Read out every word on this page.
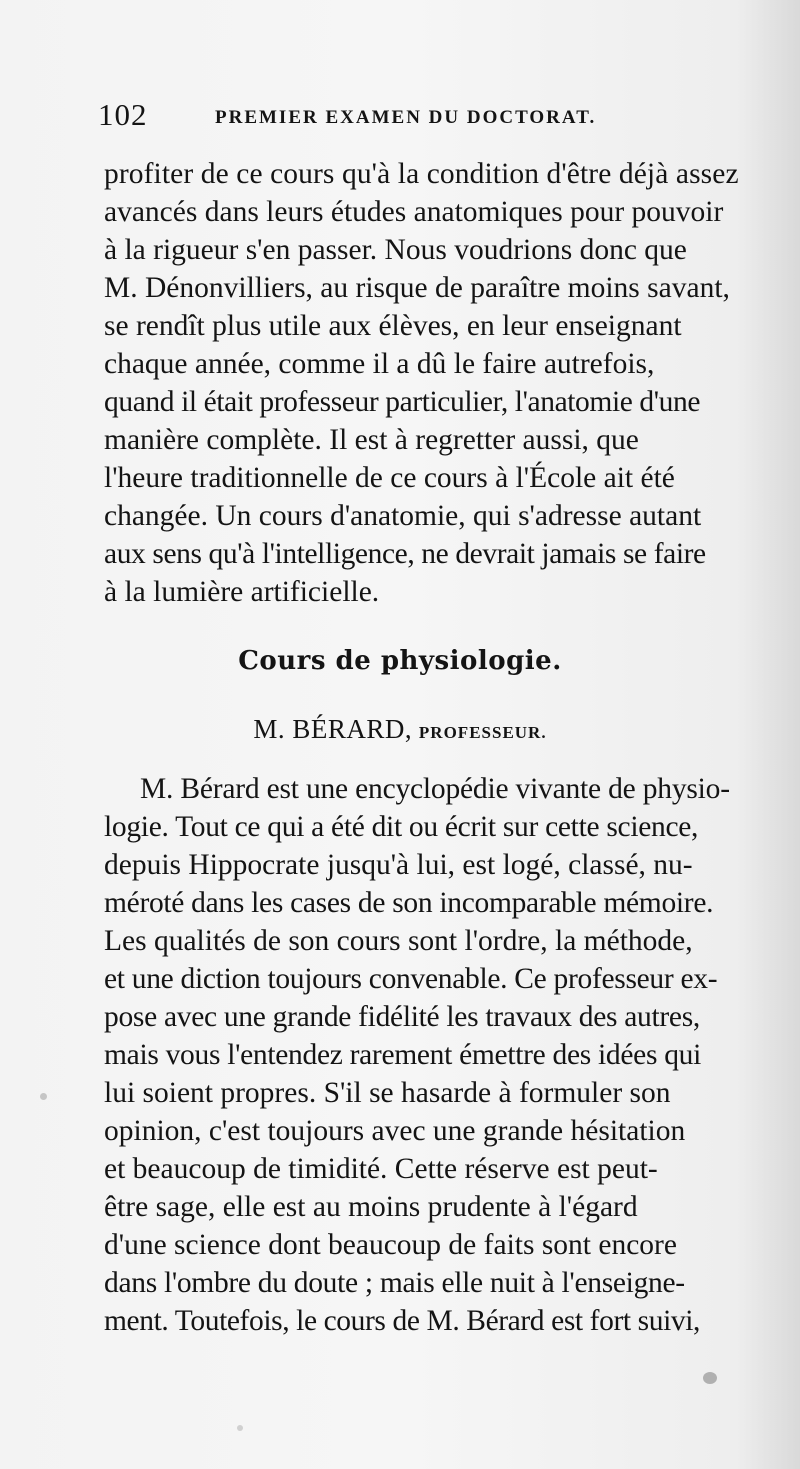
102	PREMIER EXAMEN DU DOCTORAT.
profiter de ce cours qu'à la condition d'être déjà assez
avancés dans leurs études anatomiques pour pouvoir
à la rigueur s'en passer. Nous voudrions donc que
M. Dénonvilliers, au risque de paraître moins savant,
se rendît plus utile aux élèves, en leur enseignant
chaque année, comme il a dû le faire autrefois,
quand il était professeur particulier, l'anatomie d'une
manière complète. Il est à regretter aussi, que
l'heure traditionnelle de ce cours à l'École ait été
changée. Un cours d'anatomie, qui s'adresse autant
aux sens qu'à l'intelligence, ne devrait jamais se faire
à la lumière artificielle.
Cours de physiologie.
M. BÉRARD, PROFESSEUR.
M. Bérard est une encyclopédie vivante de physio-
logie. Tout ce qui a été dit ou écrit sur cette science,
depuis Hippocrate jusqu'à lui, est logé, classé, nu-
méroté dans les cases de son incomparable mémoire.
Les qualités de son cours sont l'ordre, la méthode,
et une diction toujours convenable. Ce professeur ex-
pose avec une grande fidélité les travaux des autres,
mais vous l'entendez rarement émettre des idées qui
lui soient propres. S'il se hasarde à formuler son
opinion, c'est toujours avec une grande hésitation
et beaucoup de timidité. Cette réserve est peut-
être sage, elle est au moins prudente à l'égard
d'une science dont beaucoup de faits sont encore
dans l'ombre du doute ; mais elle nuit à l'enseigne-
ment. Toutefois, le cours de M. Bérard est fort suivi,
